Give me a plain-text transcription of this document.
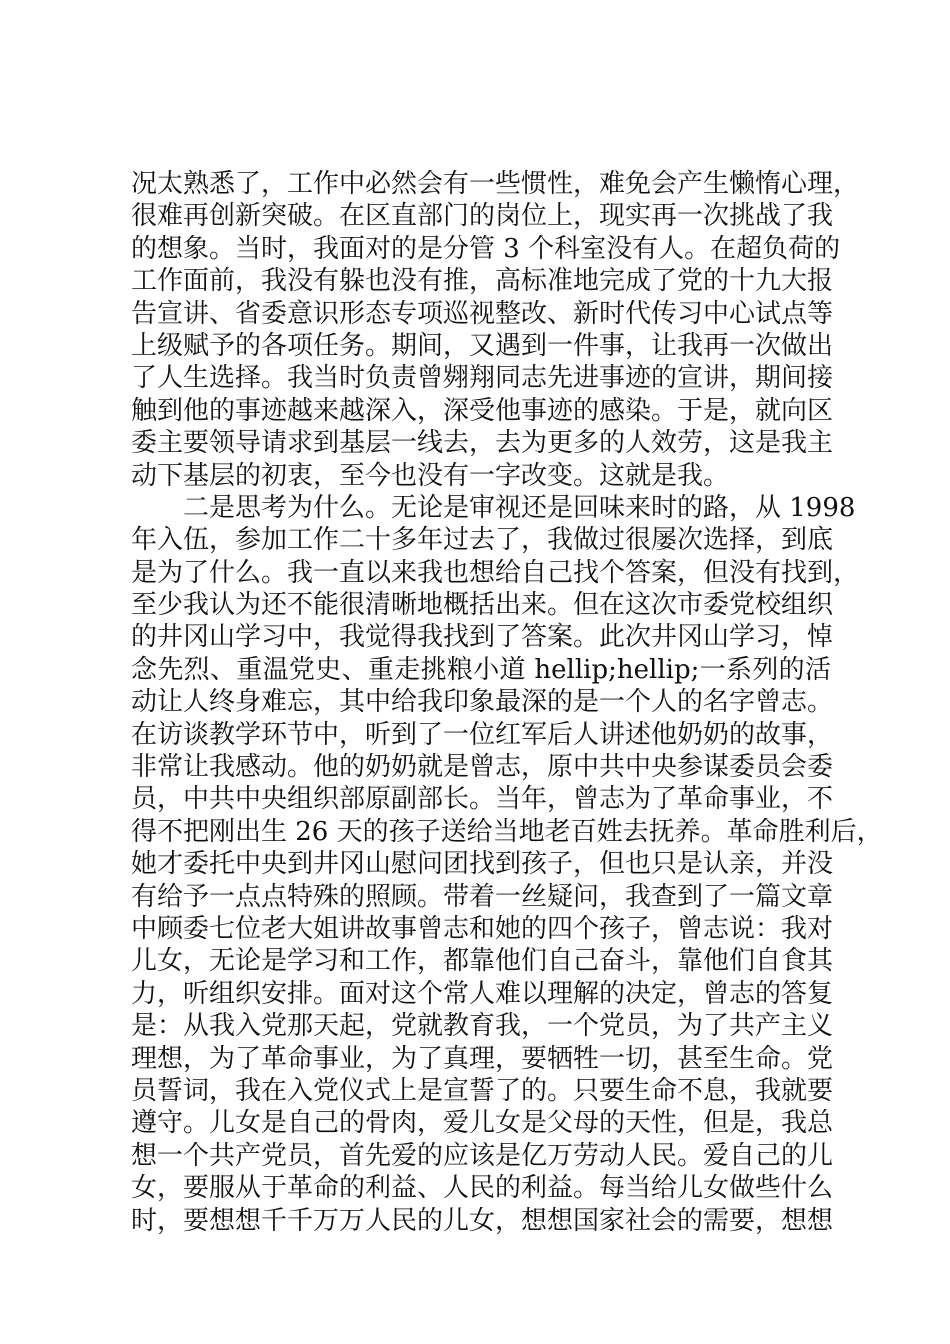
况太熟悉了，工作中必然会有一些惯性，难免会产生懒惰心理，
很难再创新突破。在区直部门的岗位上，现实再一次挑战了我
的想象。当时，我面对的是分管 3 个科室没有人。在超负荷的
工作面前，我没有躲也没有推，高标准地完成了党的十九大报
告宣讲、省委意识形态专项巡视整改、新时代传习中心试点等
上级赋予的各项任务。期间，又遇到一件事，让我再一次做出
了人生选择。我当时负责曾翙翔同志先进事迹的宣讲，期间接
触到他的事迹越来越深入，深受他事迹的感染。于是，就向区
委主要领导请求到基层一线去，去为更多的人效劳，这是我主
动下基层的初衷，至今也没有一字改变。这就是我。
二是思考为什么。无论是审视还是回味来时的路，从 1998
年入伍，参加工作二十多年过去了，我做过很屡次选择，到底
是为了什么。我一直以来我也想给自己找个答案，但没有找到，
至少我认为还不能很清晰地概括出来。但在这次市委党校组织
的井冈山学习中，我觉得我找到了答案。此次井冈山学习，悼
念先烈、重温党史、重走挑粮小道 hellip;hellip;一系列的活
动让人终身难忘，其中给我印象最深的是一个人的名字曾志。
在访谈教学环节中，听到了一位红军后人讲述他奶奶的故事，
非常让我感动。他的奶奶就是曾志，原中共中央参谋委员会委
员，中共中央组织部原副部长。当年，曾志为了革命事业，不
得不把刚出生 26 天的孩子送给当地老百姓去抚养。革命胜利后，
她才委托中央到井冈山慰问团找到孩子，但也只是认亲，并没
有给予一点点特殊的照顾。带着一丝疑问，我查到了一篇文章
中顾委七位老大姐讲故事曾志和她的四个孩子，曾志说：我对
儿女，无论是学习和工作，都靠他们自己奋斗，靠他们自食其
力，听组织安排。面对这个常人难以理解的决定，曾志的答复
是：从我入党那天起，党就教育我，一个党员，为了共产主义
理想，为了革命事业，为了真理，要牺牲一切，甚至生命。党
员誓词，我在入党仪式上是宣誓了的。只要生命不息，我就要
遵守。儿女是自己的骨肉，爱儿女是父母的天性，但是，我总
想一个共产党员，首先爱的应该是亿万劳动人民。爱自己的儿
女，要服从于革命的利益、人民的利益。每当给儿女做些什么
时，要想想千千万万人民的儿女，想想国家社会的需要，想想
